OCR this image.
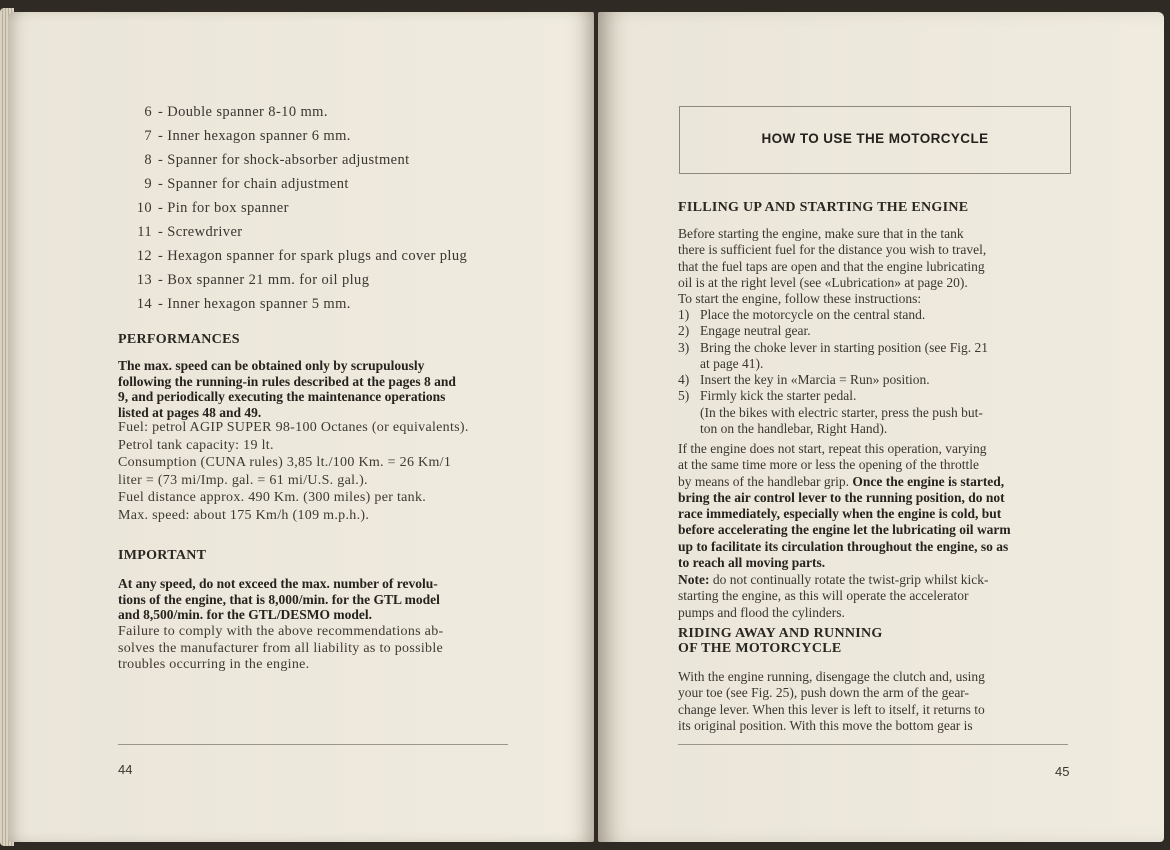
6 - Double spanner 8-10 mm.
7 - Inner hexagon spanner 6 mm.
8 - Spanner for shock-absorber adjustment
9 - Spanner for chain adjustment
10 - Pin for box spanner
11 - Screwdriver
12 - Hexagon spanner for spark plugs and cover plug
13 - Box spanner 21 mm. for oil plug
14 - Inner hexagon spanner 5 mm.
PERFORMANCES
The max. speed can be obtained only by scrupulously
following the running-in rules described at the pages 8 and
9, and periodically executing the maintenance operations
listed at pages 48 and 49.
Fuel: petrol AGIP SUPER 98-100 Octanes (or equivalents).
Petrol tank capacity: 19 lt.
Consumption (CUNA rules) 3,85 lt./100 Km. = 26 Km/1
liter = (73 mi/Imp. gal. = 61 mi/U.S. gal.).
Fuel distance approx. 490 Km. (300 miles) per tank.
Max. speed: about 175 Km/h (109 m.p.h.).
IMPORTANT
At any speed, do not exceed the max. number of revolu-
tions of the engine, that is 8,000/min. for the GTL model
and 8,500/min. for the GTL/DESMO model.
Failure to comply with the above recommendations ab-
solves the manufacturer from all liability as to possible
troubles occurring in the engine.
44
HOW TO USE THE MOTORCYCLE
FILLING UP AND STARTING THE ENGINE
Before starting the engine, make sure that in the tank
there is sufficient fuel for the distance you wish to travel,
that the fuel taps are open and that the engine lubricating
oil is at the right level (see «Lubrication» at page 20).
To start the engine, follow these instructions:
1) Place the motorcycle on the central stand.
2) Engage neutral gear.
3) Bring the choke lever in starting position (see Fig. 21
at page 41).
4) Insert the key in «Marcia = Run» position.
5) Firmly kick the starter pedal.
(In the bikes with electric starter, press the push but-
ton on the handlebar, Right Hand).
If the engine does not start, repeat this operation, varying
at the same time more or less the opening of the throttle
by means of the handlebar grip. Once the engine is started,
bring the air control lever to the running position, do not
race immediately, especially when the engine is cold, but
before accelerating the engine let the lubricating oil warm
up to facilitate its circulation throughout the engine, so as
to reach all moving parts.
Note: do not continually rotate the twist-grip whilst kick-
starting the engine, as this will operate the accelerator
pumps and flood the cylinders.
RIDING AWAY AND RUNNING
OF THE MOTORCYCLE
With the engine running, disengage the clutch and, using
your toe (see Fig. 25), push down the arm of the gear-
change lever. When this lever is left to itself, it returns to
its original position. With this move the bottom gear is
45
